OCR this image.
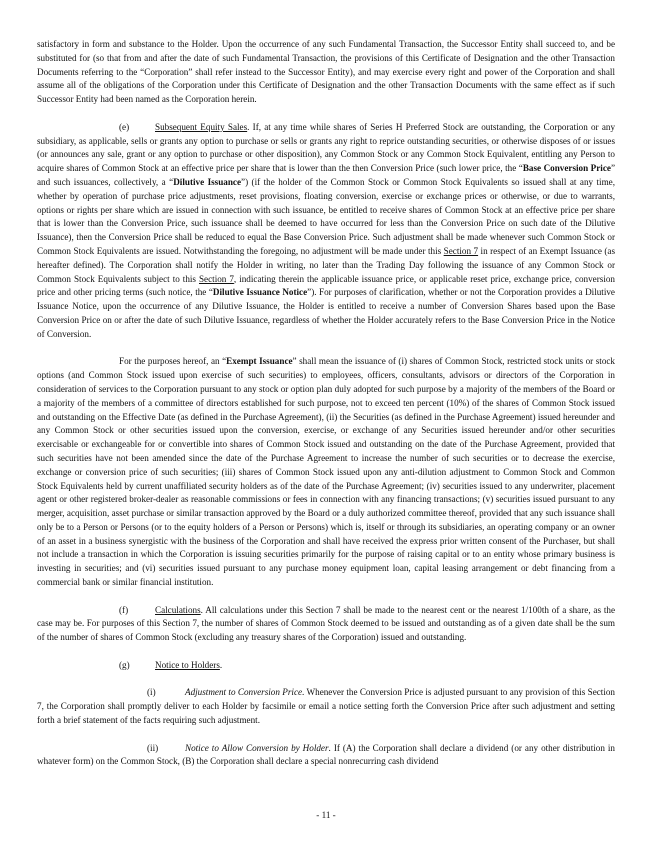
satisfactory in form and substance to the Holder. Upon the occurrence of any such Fundamental Transaction, the Successor Entity shall succeed to, and be substituted for (so that from and after the date of such Fundamental Transaction, the provisions of this Certificate of Designation and the other Transaction Documents referring to the “Corporation” shall refer instead to the Successor Entity), and may exercise every right and power of the Corporation and shall assume all of the obligations of the Corporation under this Certificate of Designation and the other Transaction Documents with the same effect as if such Successor Entity had been named as the Corporation herein.

(e)	Subsequent Equity Sales. If, at any time while shares of Series H Preferred Stock are outstanding, the Corporation or any subsidiary, as applicable, sells or grants any option to purchase or sells or grants any right to reprice outstanding securities, or otherwise disposes of or issues (or announces any sale, grant or any option to purchase or other disposition), any Common Stock or any Common Stock Equivalent, entitling any Person to acquire shares of Common Stock at an effective price per share that is lower than the then Conversion Price (such lower price, the “Base Conversion Price” and such issuances, collectively, a “Dilutive Issuance”) (if the holder of the Common Stock or Common Stock Equivalents so issued shall at any time, whether by operation of purchase price adjustments, reset provisions, floating conversion, exercise or exchange prices or otherwise, or due to warrants, options or rights per share which are issued in connection with such issuance, be entitled to receive shares of Common Stock at an effective price per share that is lower than the Conversion Price, such issuance shall be deemed to have occurred for less than the Conversion Price on such date of the Dilutive Issuance), then the Conversion Price shall be reduced to equal the Base Conversion Price. Such adjustment shall be made whenever such Common Stock or Common Stock Equivalents are issued. Notwithstanding the foregoing, no adjustment will be made under this Section 7 in respect of an Exempt Issuance (as hereafter defined). The Corporation shall notify the Holder in writing, no later than the Trading Day following the issuance of any Common Stock or Common Stock Equivalents subject to this Section 7, indicating therein the applicable issuance price, or applicable reset price, exchange price, conversion price and other pricing terms (such notice, the “Dilutive Issuance Notice”). For purposes of clarification, whether or not the Corporation provides a Dilutive Issuance Notice, upon the occurrence of any Dilutive Issuance, the Holder is entitled to receive a number of Conversion Shares based upon the Base Conversion Price on or after the date of such Dilutive Issuance, regardless of whether the Holder accurately refers to the Base Conversion Price in the Notice of Conversion.

For the purposes hereof, an “Exempt Issuance” shall mean the issuance of (i) shares of Common Stock, restricted stock units or stock options (and Common Stock issued upon exercise of such securities) to employees, officers, consultants, advisors or directors of the Corporation in consideration of services to the Corporation pursuant to any stock or option plan duly adopted for such purpose by a majority of the members of the Board or a majority of the members of a committee of directors established for such purpose, not to exceed ten percent (10%) of the shares of Common Stock issued and outstanding on the Effective Date (as defined in the Purchase Agreement), (ii) the Securities (as defined in the Purchase Agreement) issued hereunder and any Common Stock or other securities issued upon the conversion, exercise, or exchange of any Securities issued hereunder and/or other securities exercisable or exchangeable for or convertible into shares of Common Stock issued and outstanding on the date of the Purchase Agreement, provided that such securities have not been amended since the date of the Purchase Agreement to increase the number of such securities or to decrease the exercise, exchange or conversion price of such securities; (iii) shares of Common Stock issued upon any anti-dilution adjustment to Common Stock and Common Stock Equivalents held by current unaffiliated security holders as of the date of the Purchase Agreement; (iv) securities issued to any underwriter, placement agent or other registered broker-dealer as reasonable commissions or fees in connection with any financing transactions; (v) securities issued pursuant to any merger, acquisition, asset purchase or similar transaction approved by the Board or a duly authorized committee thereof, provided that any such issuance shall only be to a Person or Persons (or to the equity holders of a Person or Persons) which is, itself or through its subsidiaries, an operating company or an owner of an asset in a business synergistic with the business of the Corporation and shall have received the express prior written consent of the Purchaser, but shall not include a transaction in which the Corporation is issuing securities primarily for the purpose of raising capital or to an entity whose primary business is investing in securities; and (vi) securities issued pursuant to any purchase money equipment loan, capital leasing arrangement or debt financing from a commercial bank or similar financial institution.

(f)	Calculations. All calculations under this Section 7 shall be made to the nearest cent or the nearest 1/100th of a share, as the case may be. For purposes of this Section 7, the number of shares of Common Stock deemed to be issued and outstanding as of a given date shall be the sum of the number of shares of Common Stock (excluding any treasury shares of the Corporation) issued and outstanding.

(g)	Notice to Holders.

(i)	Adjustment to Conversion Price. Whenever the Conversion Price is adjusted pursuant to any provision of this Section 7, the Corporation shall promptly deliver to each Holder by facsimile or email a notice setting forth the Conversion Price after such adjustment and setting forth a brief statement of the facts requiring such adjustment.

(ii)	Notice to Allow Conversion by Holder. If (A) the Corporation shall declare a dividend (or any other distribution in whatever form) on the Common Stock, (B) the Corporation shall declare a special nonrecurring cash dividend

- 11 -
